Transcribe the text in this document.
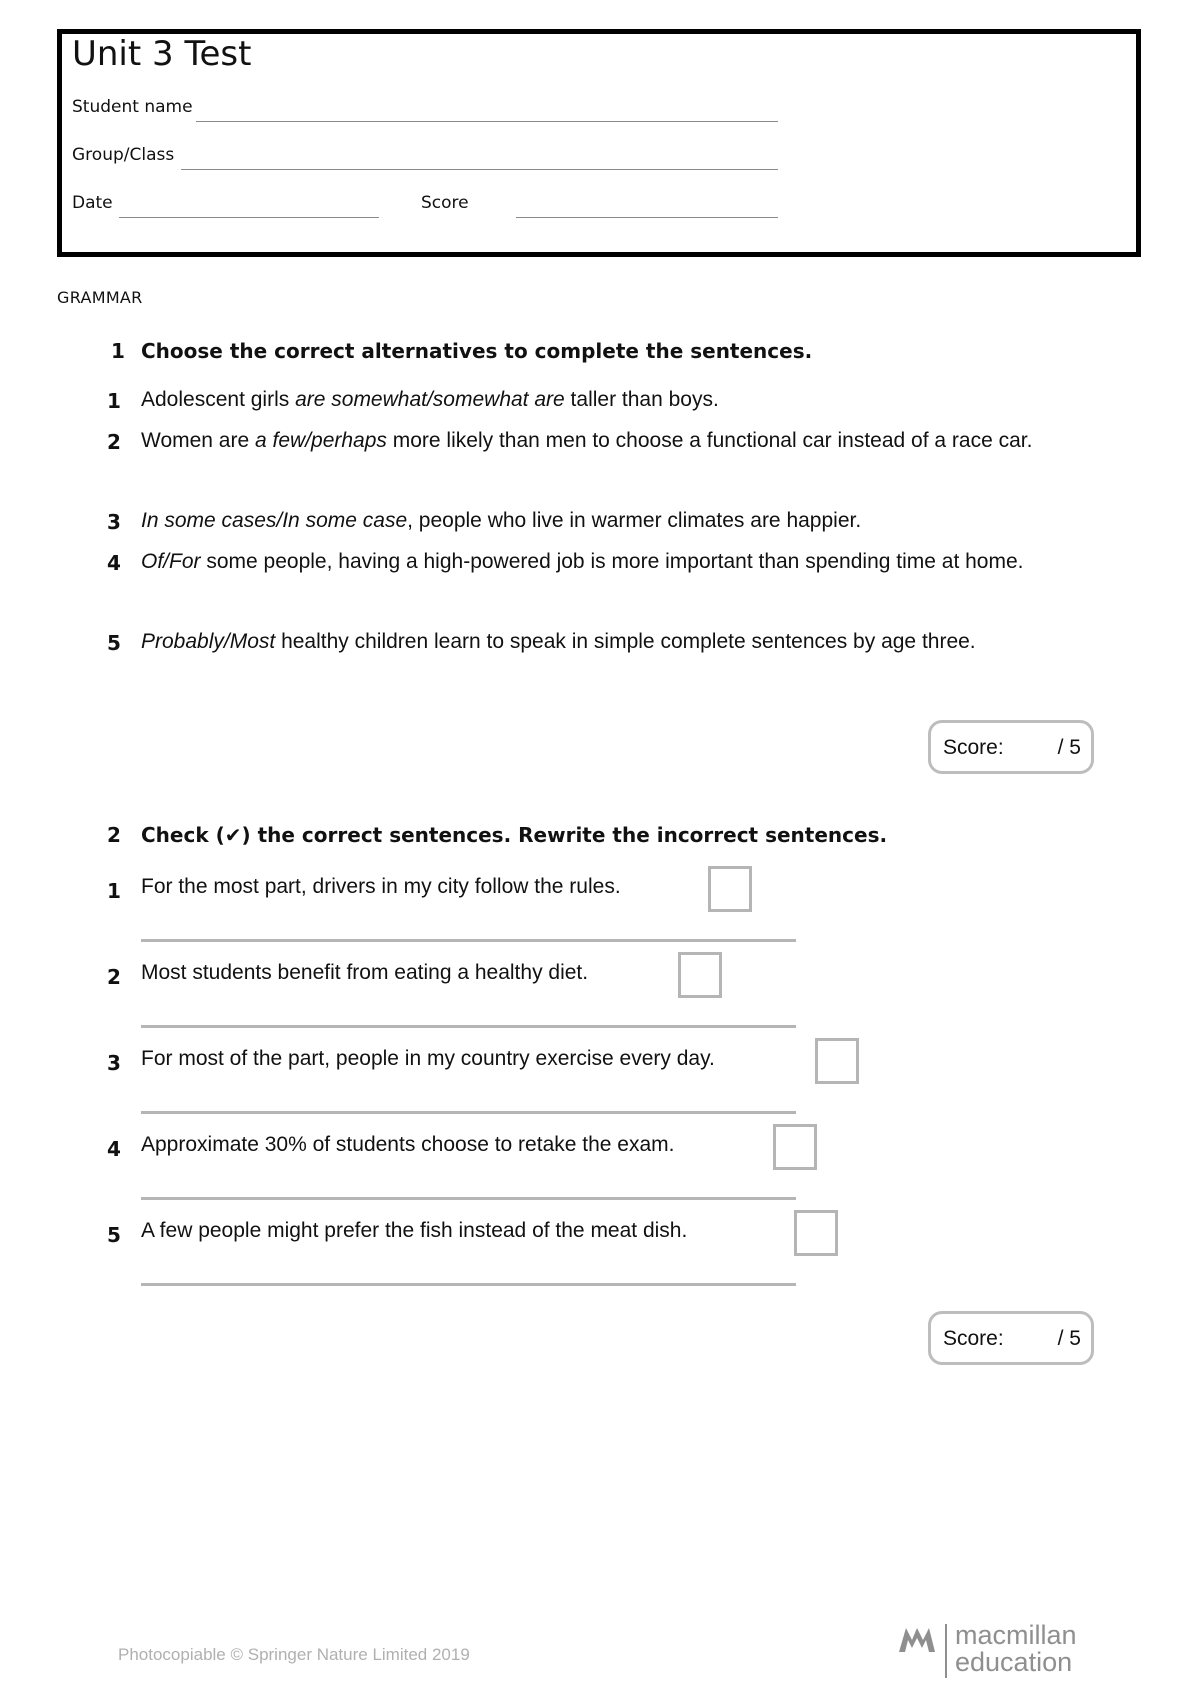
Unit 3 Test
Student name
Group/Class
Date	Score
GRAMMAR
1 Choose the correct alternatives to complete the sentences.
1 Adolescent girls are somewhat/somewhat are taller than boys.
2 Women are a few/perhaps more likely than men to choose a functional car instead of a race car.
3 In some cases/In some case, people who live in warmer climates are happier.
4 Of/For some people, having a high-powered job is more important than spending time at home.
5 Probably/Most healthy children learn to speak in simple complete sentences by age three.
Score:	/ 5
2 Check (✔) the correct sentences. Rewrite the incorrect sentences.
1 For the most part, drivers in my city follow the rules.
2 Most students benefit from eating a healthy diet.
3 For most of the part, people in my country exercise every day.
4 Approximate 30% of students choose to retake the exam.
5 A few people might prefer the fish instead of the meat dish.
Score:	/ 5
Photocopiable © Springer Nature Limited 2019
macmillan
education
